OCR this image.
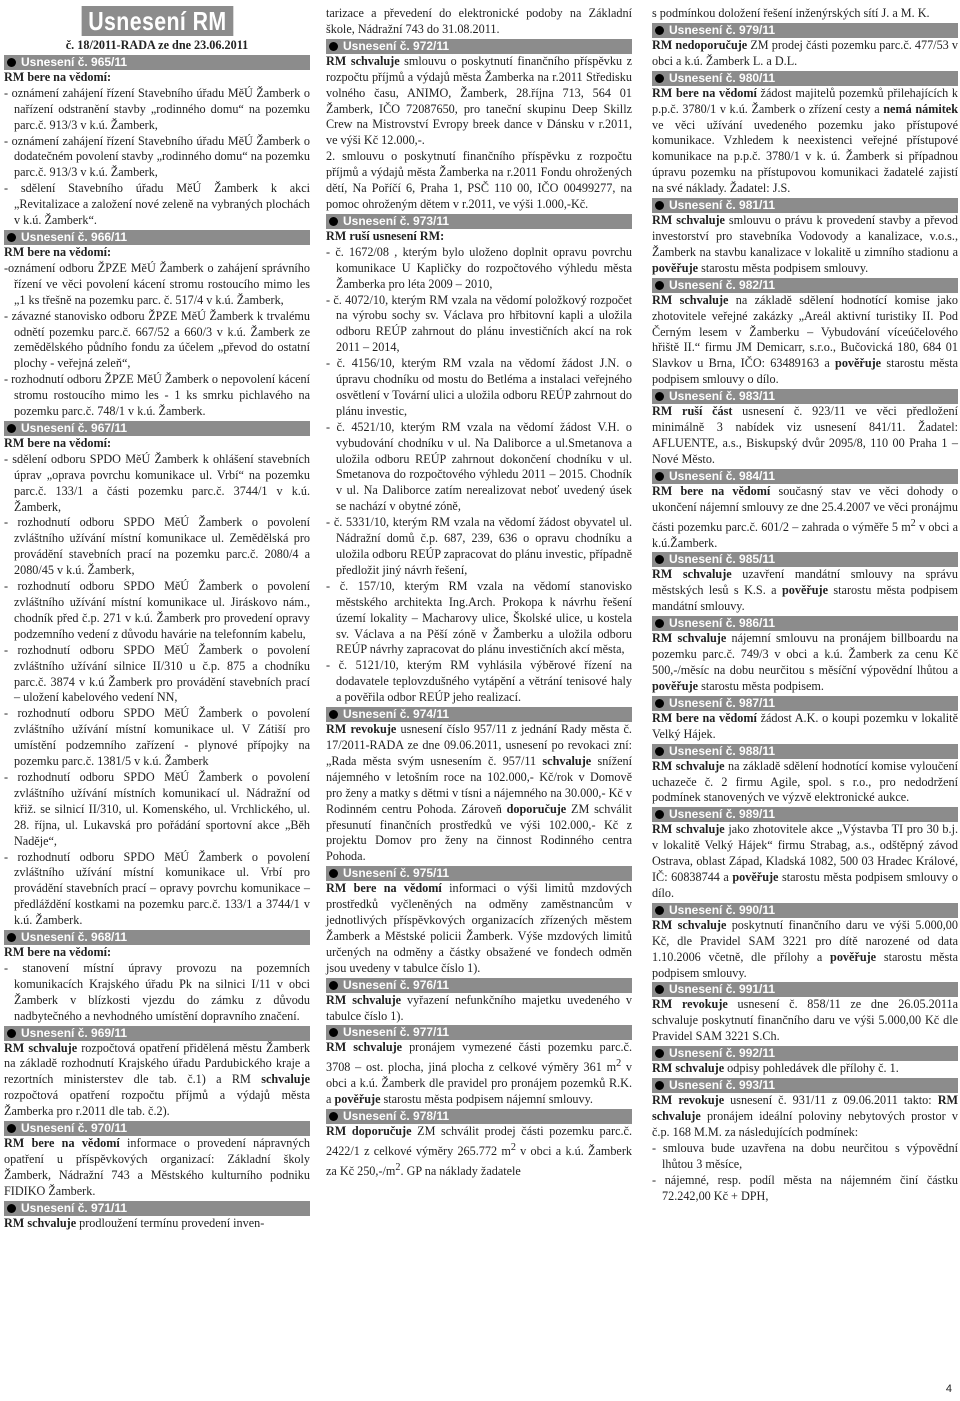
Usnesení RM

č. 18/2011-RADA ze dne 23.06.2011

Usnesení č. 965/11

RM bere na vědomí:

- oznámení zahájení řízení Stavebního úřadu MěÚ Žamberk o nařízení odstranění stavby „rodinného domu“ na pozemku parc.č. 913/3 v k.ú. Žamberk,

- oznámení zahájení řízení Stavebního úřadu MěÚ Žamberk o dodatečném povolení stavby „rodinného domu“ na pozemku parc.č. 913/3 v k.ú. Žamberk,

- sdělení Stavebního úřadu MěÚ Žamberk k akci „Revitalizace a založení nové zeleně na vybraných plochách v k.ú. Žamberk“.

Usnesení č. 966/11

RM bere na vědomí:

-oznámení odboru ŽPZE MěÚ Žamberk o zahájení správního řízení ve věci povolení kácení stromu rostoucího mimo les „1 ks třešně na pozemku parc. č. 517/4 v k.ú. Žamberk,

- závazné stanovisko odboru ŽPZE MěÚ Žamberk k trvalému odnětí pozemku parc.č. 667/52 a 660/3 v k.ú. Žamberk ze zemědělského půdního fondu za účelem „převod do ostatní plochy - veřejná zeleň“,

- rozhodnutí odboru ŽPZE MěÚ Žamberk o nepovolení kácení stromu rostoucího mimo les - 1 ks smrku pichlavého na pozemku parc.č. 748/1 v k.ú. Žamberk.

Usnesení č. 967/11

RM bere na vědomí:

- sdělení odboru SPDO MěÚ Žamberk k ohlášení stavebních úprav „oprava povrchu komunikace ul. Vrbí“ na pozemku parc.č. 133/1 a části pozemku parc.č. 3744/1 v k.ú. Žamberk,

- rozhodnutí odboru SPDO MěÚ Žamberk o povolení zvláštního užívání místní komunikace ul. Zemědělská pro provádění stavebních prací na pozemku parc.č. 2080/4 a 2080/45 v k.ú. Žamberk,

- rozhodnutí odboru SPDO MěÚ Žamberk o povolení zvláštního užívání místní komunikace ul. Jiráskovo nám., chodník před č.p. 271 v k.ú. Žamberk pro provedení opravy podzemního vedení z důvodu havárie na telefonním kabelu,

- rozhodnutí odboru SPDO MěÚ Žamberk o povolení zvláštního užívání silnice II/310 u č.p. 875 a chodníku parc.č. 3874 v k.ú Žamberk pro provádění stavebních prací – uložení kabelového vedení NN,

- rozhodnutí odboru SPDO MěÚ Žamberk o povolení zvláštního užívání místní komunikace ul. V Zátiší pro umístění podzemního zařízení - plynové přípojky na pozemku parc.č. 1381/5 v k.ú. Žamberk

- rozhodnutí odboru SPDO MěÚ Žamberk o povolení zvláštního užívání místních komunikací ul. Nádražní od křiž. se silnicí II/310, ul. Komenského, ul. Vrchlického, ul. 28. října, ul. Lukavská pro pořádání sportovní akce „Běh Naděje“,

- rozhodnutí odboru SPDO MěÚ Žamberk o povolení zvláštního užívání místní komunikace ul. Vrbí pro provádění stavebních prací – opravy povrchu komunikace – předláždění kostkami na pozemku parc.č. 133/1 a 3744/1 v k.ú. Žamberk.

Usnesení č. 968/11

RM bere na vědomí:

- stanovení místní úpravy provozu na pozemních komunikacích Krajského úřadu Pk na silnici I/11 v obci Žamberk v blízkosti vjezdu do zámku z důvodu nadbytečného a nevhodného umístění dopravního značení.

Usnesení č. 969/11

RM schvaluje rozpočtová opatření přidělená městu Žamberk na základě rozhodnutí Krajského úřadu Pardubického kraje a rezortních ministerstev dle tab. č.1) a RM schvaluje rozpočtová opatření rozpočtu příjmů a výdajů města Žamberka pro r.2011 dle tab. č.2).

Usnesení č. 970/11

RM bere na vědomí informace o provedení nápravných opatření u příspěvkových organizací: Základní školy Žamberk, Nádražní 743 a Městského kulturního podniku FIDIKO Žamberk.

Usnesení č. 971/11

RM schvaluje prodloužení termínu provedení inven-

tarizace a převedení do elektronické podoby na Základní škole, Nádražní 743 do 31.08.2011.

Usnesení č. 972/11

RM schvaluje smlouvu o poskytnutí finančního příspěvku z rozpočtu příjmů a výdajů města Žamberka na r.2011 Středisku volného času, ANIMO, Žamberk, 28.října 713, 564 01 Žamberk, IČO 72087650, pro taneční skupinu Deep Skillz Crew na Mistrovství Evropy breek dance v Dánsku v r.2011, ve výši Kč 12.000,-.

2. smlouvu o poskytnutí finančního příspěvku z rozpočtu příjmů a výdajů města Žamberka na r.2011 Fondu ohrožených dětí, Na Poříčí 6, Praha 1, PSČ 110 00, IČO 00499277, na pomoc ohroženým dětem v r.2011, ve výši 1.000,-Kč.

Usnesení č. 973/11

RM ruší usnesení RM:

- č. 1672/08 , kterým bylo uloženo doplnit opravu povrchu komunikace U Kapličky do rozpočtového výhledu města Žamberka pro léta 2009 – 2010,

- č. 4072/10, kterým RM vzala na vědomí položkový rozpočet na výrobu sochy sv. Václava pro hřbitovní kapli a uložila odboru REÚP zahrnout do plánu investičních akcí na rok 2011 – 2014,

- č. 4156/10, kterým RM vzala na vědomí žádost J.N. o úpravu chodníku od mostu do Betléma a instalaci veřejného osvětlení v Tovární ulici a uložila odboru REÚP zahrnout do plánu investic,

- č. 4521/10, kterým RM vzala na vědomí žádost V.H. o vybudování chodníku v ul. Na Daliborce a ul.Smetanova a uložila odboru REÚP zahrnout dokončení chodníku v ul. Smetanova do rozpočtového výhledu 2011 – 2015. Chodník v ul. Na Daliborce zatím nerealizovat neboť uvedený úsek se nachází v obytné zóně,

- č. 5331/10, kterým RM vzala na vědomí žádost obyvatel ul. Nádražní domů č.p. 687, 239, 636 o opravu chodníku a uložila odboru REÚP zapracovat do plánu investic, případně předložit jiný návrh řešení,

- č. 157/10, kterým RM vzala na vědomí stanovisko městského architekta Ing.Arch. Prokopa k návrhu řešení území lokality – Macharovy ulice, Školské ulice, u kostela sv. Václava a na Pěší zóně v Žamberku a uložila odboru REÚP návrhy zapracovat do plánu investičních akcí města,

- č. 5121/10, kterým RM vyhlásila výběrové řízení na dodavatele teplovzdušného vytápění a větrání tenisové haly a pověřila odbor REÚP jeho realizací.

Usnesení č. 974/11

RM revokuje usnesení číslo 957/11 z jednání Rady města č. 17/2011-RADA ze dne 09.06.2011, usnesení po revokaci zní: „Rada města svým usnesením č. 957/11 schvaluje snížení nájemného v letošním roce na 102.000,- Kč/rok v Domově pro ženy a matky s dětmi v tísni a nájemného na 30.000,- Kč v Rodinném centru Pohoda. Zároveň doporučuje ZM schválit přesunutí finančních prostředků ve výši 102.000,- Kč z projektu Domov pro ženy na činnost Rodinného centra Pohoda.

Usnesení č. 975/11

RM bere na vědomí informaci o výši limitů mzdových prostředků vyčleněných na odměny zaměstnancům v jednotlivých příspěvkových organizacích zřízených městem Žamberk a Městské policii Žamberk. Výše mzdových limitů určených na odměny a částky obsažené ve fondech odměn jsou uvedeny v tabulce číslo 1).

Usnesení č. 976/11

RM schvaluje vyřazení nefunkčního majetku uvedeného v tabulce číslo 1).

Usnesení č. 977/11

RM schvaluje pronájem vymezené části pozemku parc.č. 3708 – ost. plocha, jiná plocha z celkové výměry 361 $m^2$ v obci a k.ú. Žamberk dle pravidel pro pronájem pozemků R.K. a pověřuje starostu města podpisem nájemní smlouvy.

Usnesení č. 978/11

RM doporučuje ZM schválit prodej části pozemku parc.č. 2422/1 z celkové výměry 265.772 $m^2$ v obci a k.ú. Žamberk za Kč $250,-/m^2$. GP na náklady žadatele

s podmínkou doložení řešení inženýrských sítí J. a M. K.

Usnesení č. 979/11

RM nedoporučuje ZM prodej části pozemku parc.č. 477/53 v obci a k.ú. Žamberk L. a D.L.

Usnesení č. 980/11

RM bere na vědomí žádost majitelů pozemků přilehajících k p.p.č. 3780/1 v k.ú. Žamberk o zřízení cesty a nemá námitek ve věci užívání uvedeného pozemku jako přístupové komunikace. Vzhledem k neexistenci veřejné přístupové komunikace na p.p.č. 3780/1 v k. ú. Žamberk si případnou úpravu pozemku na přístupovou komunikaci žadatelé zajistí na své náklady. Žadatel: J.S.

Usnesení č. 981/11

RM schvaluje smlouvu o právu k provedení stavby a převod investorství pro stavebníka Vodovody a kanalizace, v.o.s., Žamberk na stavbu kanalizace v lokalitě u zimního stadionu a pověřuje starostu města podpisem smlouvy.

Usnesení č. 982/11

RM schvaluje na základě sdělení hodnotící komise jako zhotovitele veřejné zakázky „Areál aktivní turistiky II. Pod Černým lesem v Žamberku – Vybudování víceúčelového hřiště II.“ firmu JM Demicarr, s.r.o., Bučovická 180, 684 01 Slavkov u Brna, IČO: 63489163 a pověřuje starostu města podpisem smlouvy o dílo.

Usnesení č. 983/11

RM ruší část usnesení č. 923/11 ve věci předložení minimálně 3 nabídek viz usnesení 841/11. Žadatel: AFLUENTE, a.s., Biskupský dvůr 2095/8, 110 00 Praha 1 – Nové Město.

Usnesení č. 984/11

RM bere na vědomí současný stav ve věci dohody o ukončení nájemní smlouvy ze dne 25.4.2007 ve věci pronájmu části pozemku parc.č. 601/2 – zahrada o výměře 5 $m^2$ v obci a k.ú.Žamberk.

Usnesení č. 985/11

RM schvaluje uzavření mandátní smlouvy na správu městských lesů s K.S. a pověřuje starostu města podpisem mandátní smlouvy.

Usnesení č. 986/11

RM schvaluje nájemní smlouvu na pronájem billboardu na pozemku parc.č. 749/3 v obci a k.ú. Žamberk za cenu Kč 500,-/měsíc na dobu neurčitou s měsíční výpovědní lhůtou a pověřuje starostu města podpisem.

Usnesení č. 987/11

RM bere na vědomí žádost A.K. o koupi pozemku v lokalitě Velký Hájek.

Usnesení č. 988/11

RM schvaluje na základě sdělení hodnotící komise vyloučení uchazeče č. 2 firmu Agile, spol. s r.o., pro nedodržení podmínek stanovených ve výzvě elektronické aukce.

Usnesení č. 989/11

RM schvaluje jako zhotovitele akce „Výstavba TI pro 30 b.j. v lokalitě Velký Hájek“ firmu Strabag, a.s., odštěpný závod Ostrava, oblast Západ, Kladská 1082, 500 03 Hradec Králové, IČ: 60838744 a pověřuje starostu města podpisem smlouvy o dílo.

Usnesení č. 990/11

RM schvaluje poskytnutí finančního daru ve výši 5.000,00 Kč, dle Pravidel SAM 3221 pro dítě narozené od data 1.10.2006 včetně, dle přílohy a pověřuje starostu města podpisem smlouvy.

Usnesení č. 991/11

RM revokuje usnesení č. 858/11 ze dne 26.05.2011a schvaluje poskytnutí finančního daru ve výši 5.000,00 Kč dle Pravidel SAM 3221 S.Ch.

Usnesení č. 992/11

RM schvaluje odpisy pohledávek dle přílohy č. 1.

Usnesení č. 993/11

RM revokuje usnesení č. 931/11 z 09.06.2011 takto: RM schvaluje pronájem ideální poloviny nebytových prostor v č.p. 168 M.M. za následujících podmínek:

- smlouva bude uzavřena na dobu neurčitou s výpovědní lhůtou 3 měsíce,

- nájemné, resp. podíl města na nájemném činí částku 72.242,00 Kč + DPH,

4
